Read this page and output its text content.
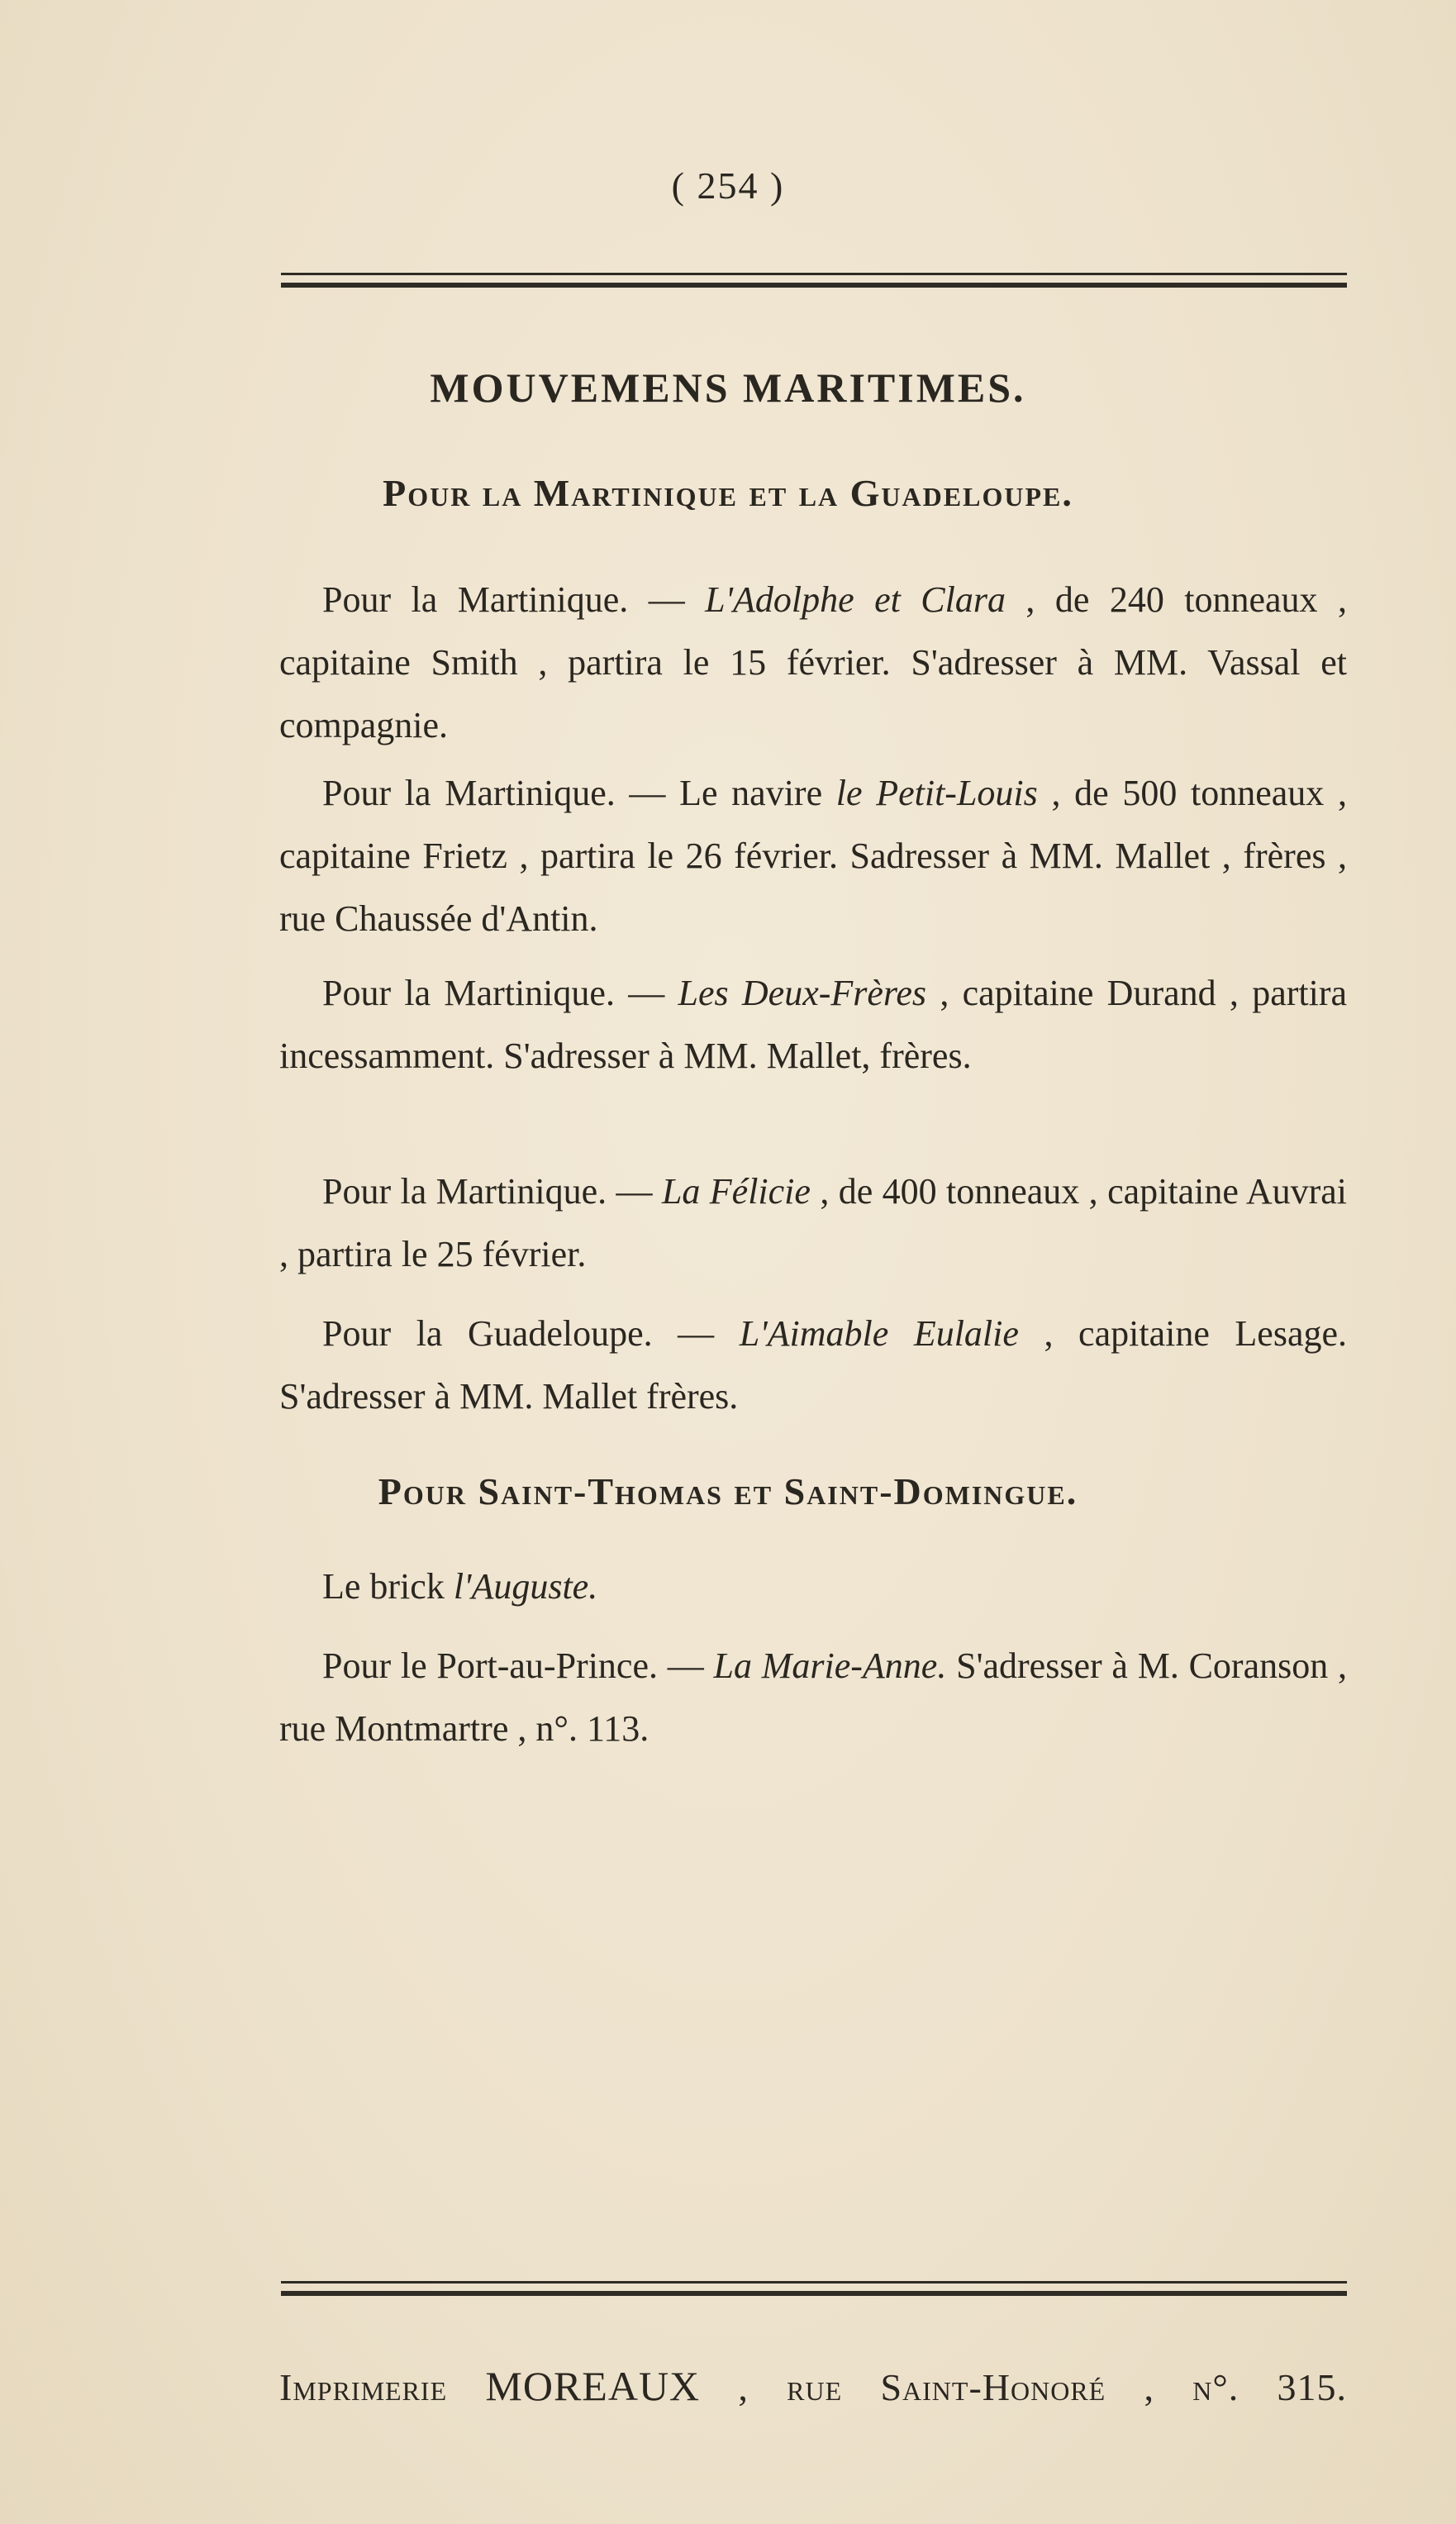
( 254 )
MOUVEMENS MARITIMES.
Pour la Martinique et la Guadeloupe.

Pour la Martinique. — L'Adolphe et Clara , de 240 tonneaux , capitaine Smith , partira le 15 février. S'adresser à MM. Vassal et compagnie.

Pour la Martinique. — Le navire le Petit-Louis , de 500 tonneaux , capitaine Frietz , partira le 26 février. Sadresser à MM. Mallet , frères , rue Chaussée d'Antin.

Pour la Martinique. — Les Deux-Frères , capitaine Durand , partira incessamment. S'adresser à MM. Mallet, frères.

Pour la Martinique. — La Félicie , de 400 tonneaux , capitaine Auvrai , partira le 25 février.

Pour la Guadeloupe. — L'Aimable Eulalie , capitaine Lesage. S'adresser à MM. Mallet frères.

Pour Saint-Thomas et Saint-Domingue.

Le brick l'Auguste.

Pour le Port-au-Prince. — La Marie-Anne. S'adresser à M. Coranson , rue Montmartre , n°. 113.

Imprimerie MOREAUX , rue Saint-Honoré , n°. 315.
